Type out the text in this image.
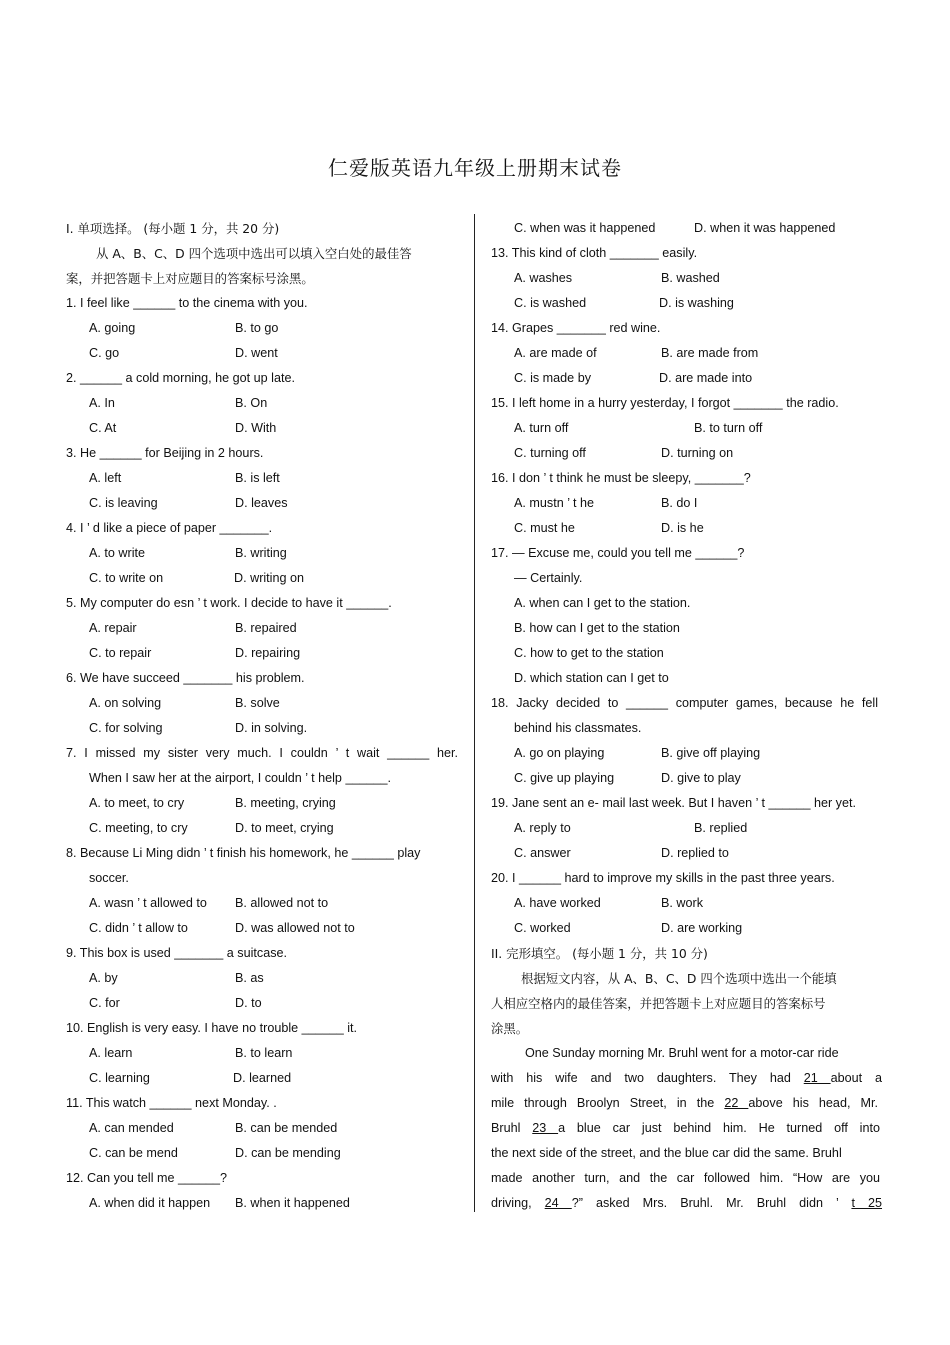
仁爱版英语九年级上册期末试卷
Ⅰ. 单项选择。 (每小题 1 分，共 20 分)
从 A、B、C、D 四个选项中选出可以填入空白处的最佳答
案，并把答题卡上对应题目的答案标号涂黑。
1. I feel like ______ to the cinema with you.
A. going	B. to go
C. go	D. went
2. ______ a cold morning, he got up late.
A. In	B. On
C. At	D. With
3. He ______ for Beijing in 2 hours.
A. left	B. is left
C. is leaving	D. leaves
4. I ’ d like a piece of paper _______.
A. to write	B. writing
C. to write on	D. writing on
5. My computer do esn ’ t work. I decide to have it ______.
A. repair	B. repaired
C. to repair	D. repairing
6. We have succeed _______ his problem.
A. on solving	B. solve
C. for solving	D. in solving.
7. I missed my sister very much. I couldn ’ t wait ______ her.
When I saw her at the airport, I couldn ’ t help ______.
A. to meet, to cry	B. meeting, crying
C. meeting, to cry	D. to meet, crying
8. Because Li Ming didn ’ t finish his homework, he ______ play
soccer.
A. wasn ’ t allowed to B. allowed not to
C. didn ’ t allow to	D. was allowed not to
9. This box is used _______ a suitcase.
A. by	B. as
C. for	D. to
10. English is very easy. I have no trouble ______ it.
A. learn	B. to learn
C. learning	D. learned
11. This watch ______ next Monday. .
A. can mended	B. can be mended
C. can be mend	D. can be mending
12. Can you tell me ______?
A. when did it happen B. when it happened
C. when was it happened	D. when it was happened
13. This kind of cloth _______ easily.
A. washes	B. washed
C. is washed	D. is washing
14. Grapes _______ red wine.
A. are made of	B. are made from
C. is made by	D. are made into
15. I left home in a hurry yesterday, I forgot _______ the radio.
A. turn off	B. to turn off
C. turning off	D. turning on
16. I don ’ t think he must be sleepy, _______?
A. mustn ’ t he	B. do I
C. must he	D. is he
17. — Excuse me, could you tell me ______?
— Certainly.
A. when can I get to the station.
B. how can I get to the station
C. how to get to the station
D. which station can I get to
18. Jacky decided to ______ computer games, because he fell
behind his classmates.
A. go on playing	B. give off playing
C. give up playing	D. give to play
19. Jane sent an e- mail last week. But I haven ’ t ______ her yet.
A. reply to	B. replied
C. answer	D. replied to
20. I ______ hard to improve my skills in the past three years.
A. have worked	B. work
C. worked	D. are working
II. 完形填空。 (每小题 1 分，共 10 分)
根据短文内容，从 A、B、C、D 四个选项中选出一个能填
人相应空格内的最佳答案，并把答题卡上对应题目的答案标号
涂黑。
One Sunday morning Mr. Bruhl went for a motor-car ride
with his wife and two daughters. They had 21 about a
mile through Broolyn Street, in the 22 above his head, Mr.
Bruhl 23 a blue car just behind him. He turned off into
the next side of the street, and the blue car did the same. Bruhl
made another turn, and the car followed him. “How are you
driving, 24 ?” asked Mrs. Bruhl. Mr. Bruhl didn ’ t 25
